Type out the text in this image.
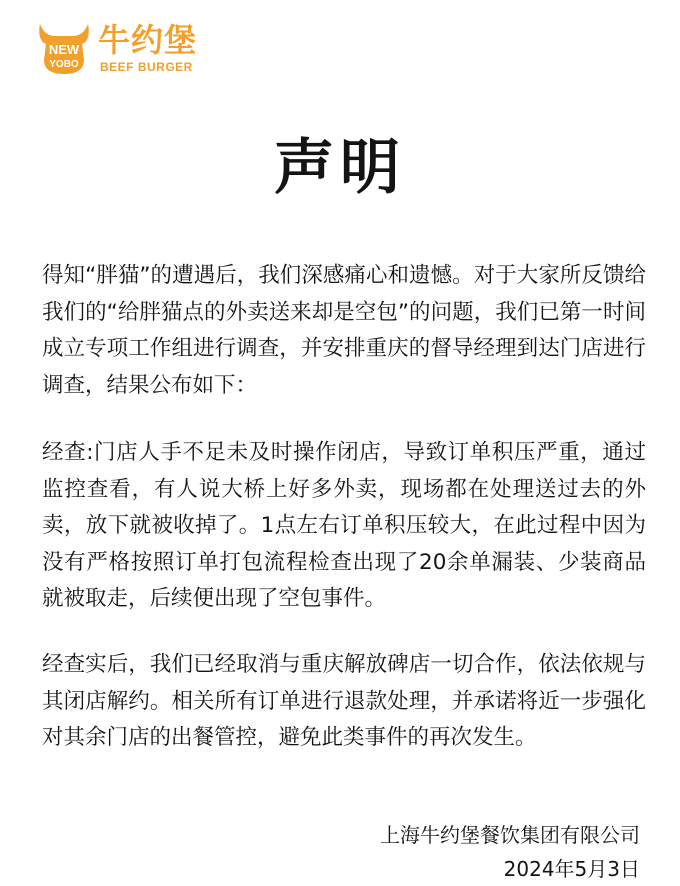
NEW
YOBO
牛约堡
BEEF BURGER
声明

得知“胖猫”的遭遇后，我们深感痛心和遗憾。对于大家所反馈给我们的“给胖猫点的外卖送来却是空包”的问题，我们已第一时间成立专项工作组进行调查，并安排重庆的督导经理到达门店进行调查，结果公布如下：

经查:门店人手不足未及时操作闭店，导致订单积压严重，通过监控查看，有人说大桥上好多外卖，现场都在处理送过去的外卖，放下就被收掉了。1点左右订单积压较大，在此过程中因为没有严格按照订单打包流程检查出现了20余单漏装、少装商品就被取走，后续便出现了空包事件。

经查实后，我们已经取消与重庆解放碑店一切合作，依法依规与其闭店解约。相关所有订单进行退款处理，并承诺将近一步强化对其余门店的出餐管控，避免此类事件的再次发生。

上海牛约堡餐饮集团有限公司
2024年5月3日
